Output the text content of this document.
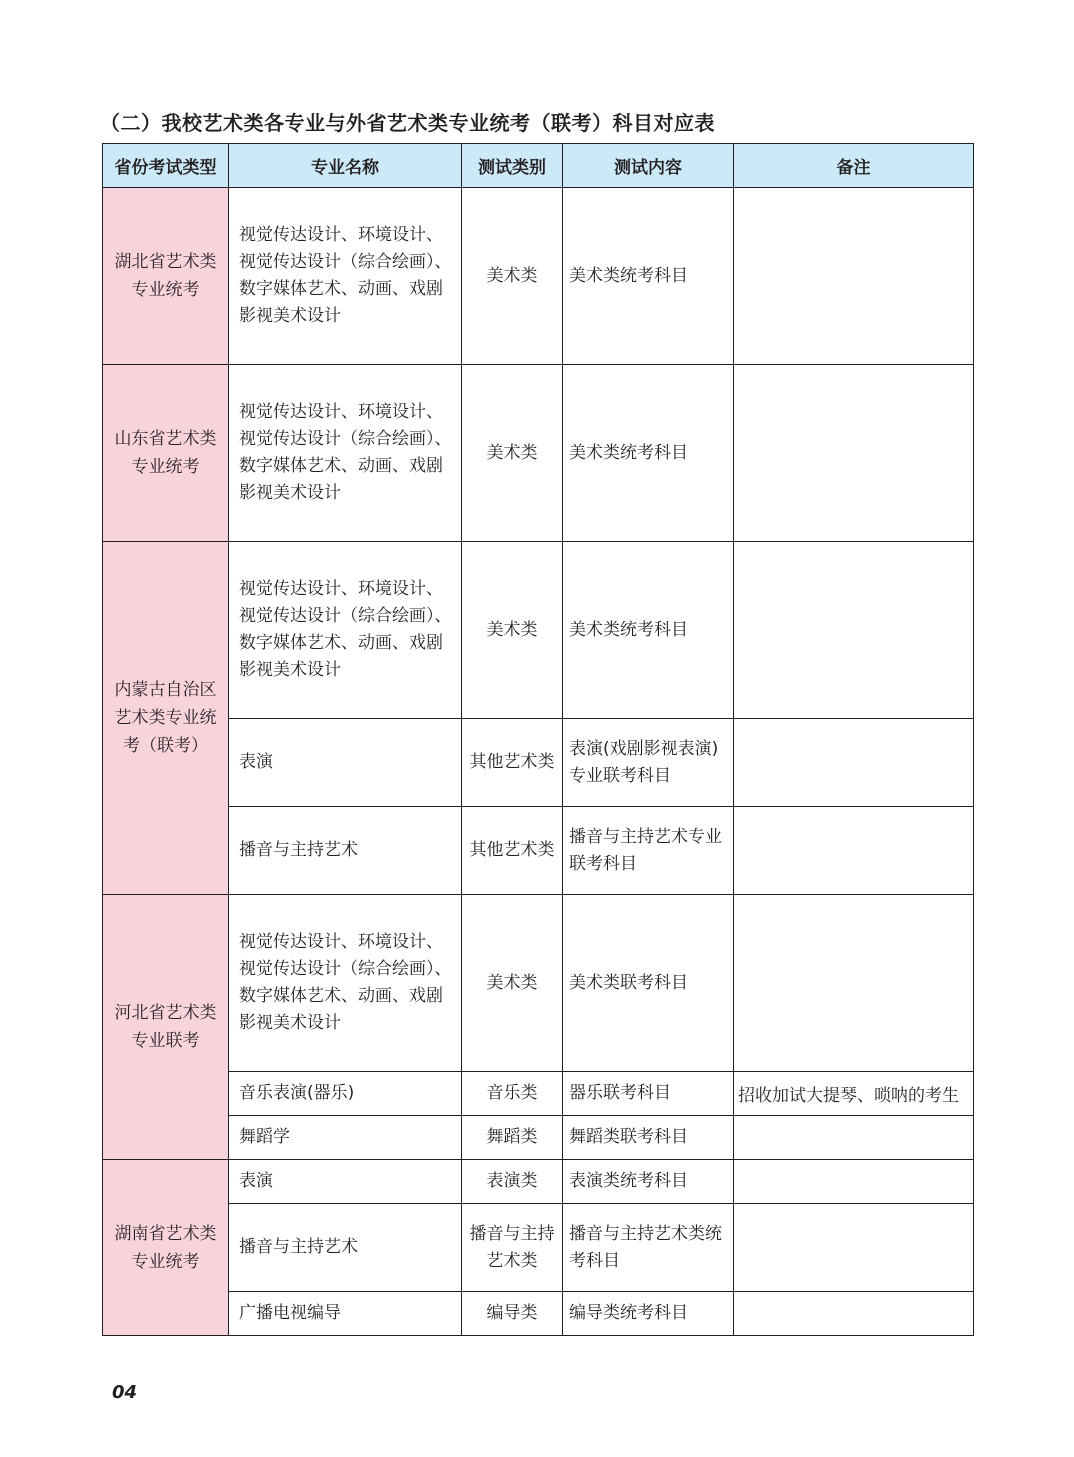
（二）我校艺术类各专业与外省艺术类专业统考（联考）科目对应表
省份考试类型	专业名称	测试类别	测试内容	备注
湖北省艺术类专业统考	视觉传达设计、环境设计、视觉传达设计（综合绘画）、数字媒体艺术、动画、戏剧影视美术设计	美术类	美术类统考科目	
山东省艺术类专业统考	视觉传达设计、环境设计、视觉传达设计（综合绘画）、数字媒体艺术、动画、戏剧影视美术设计	美术类	美术类统考科目	
内蒙古自治区艺术类专业统考（联考）	视觉传达设计、环境设计、视觉传达设计（综合绘画）、数字媒体艺术、动画、戏剧影视美术设计	美术类	美术类统考科目	
	表演	其他艺术类	表演(戏剧影视表演)专业联考科目	
	播音与主持艺术	其他艺术类	播音与主持艺术专业联考科目	
河北省艺术类专业联考	视觉传达设计、环境设计、视觉传达设计（综合绘画）、数字媒体艺术、动画、戏剧影视美术设计	美术类	美术类联考科目	
	音乐表演(器乐)	音乐类	器乐联考科目	招收加试大提琴、唢呐的考生
	舞蹈学	舞蹈类	舞蹈类联考科目	
湖南省艺术类专业统考	表演	表演类	表演类统考科目	
	播音与主持艺术	播音与主持艺术类	播音与主持艺术类统考科目	
	广播电视编导	编导类	编导类统考科目	
04
